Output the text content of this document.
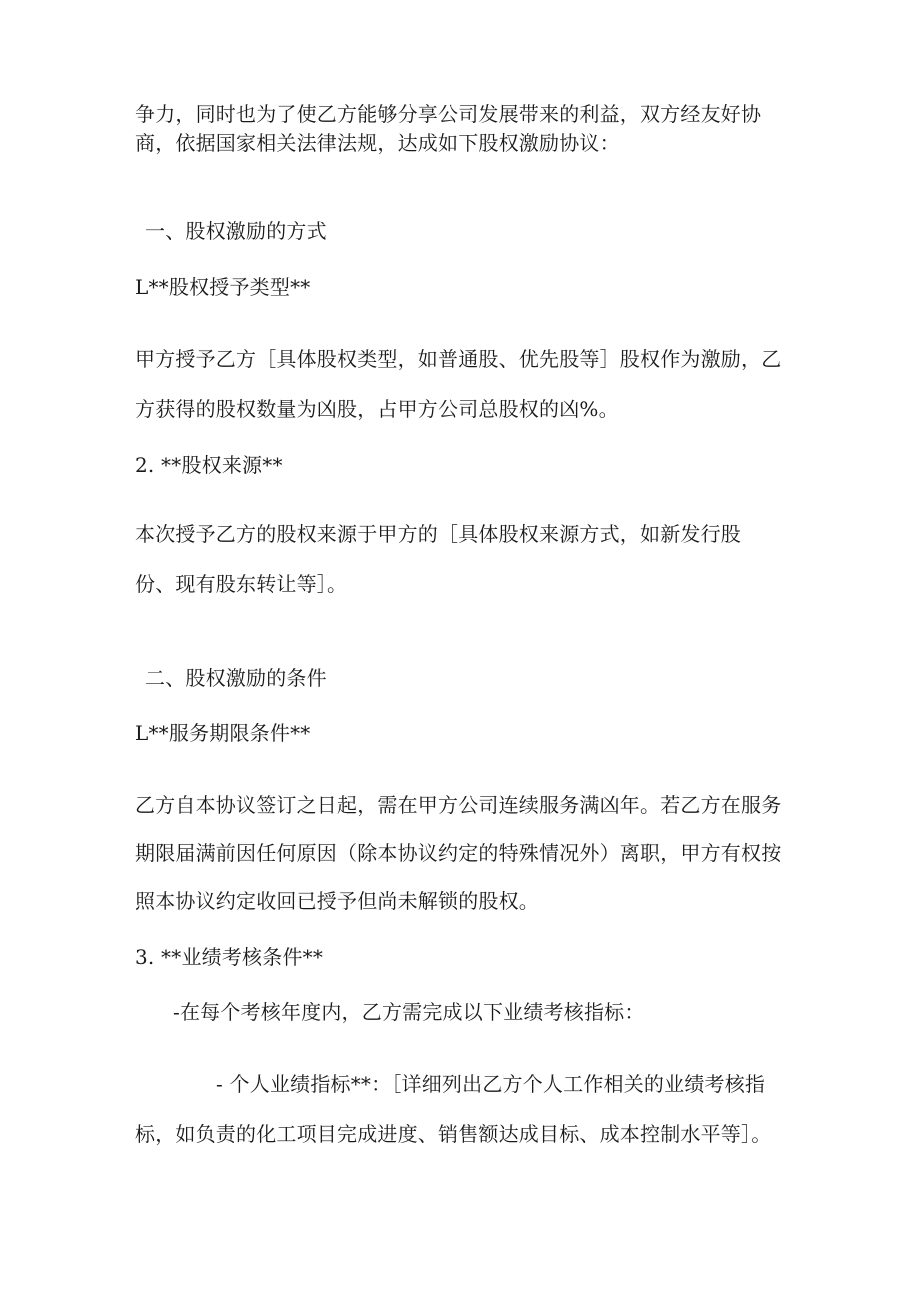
争力，同时也为了使乙方能够分享公司发展带来的利益，双方经友好协
商，依据国家相关法律法规，达成如下股权激励协议：
一、股权激励的方式
L**股权授予类型**
甲方授予乙方［具体股权类型，如普通股、优先股等］股权作为激励，乙
方获得的股权数量为凶股，占甲方公司总股权的凶%。
2. **股权来源**
本次授予乙方的股权来源于甲方的［具体股权来源方式，如新发行股
份、现有股东转让等］。
二、股权激励的条件
L**服务期限条件**
乙方自本协议签订之日起，需在甲方公司连续服务满凶年。若乙方在服务
期限届满前因任何原因（除本协议约定的特殊情况外）离职，甲方有权按
照本协议约定收回已授予但尚未解锁的股权。
3. **业绩考核条件**
-在每个考核年度内，乙方需完成以下业绩考核指标：
- 个人业绩指标**：［详细列出乙方个人工作相关的业绩考核指
标，如负责的化工项目完成进度、销售额达成目标、成本控制水平等］。
